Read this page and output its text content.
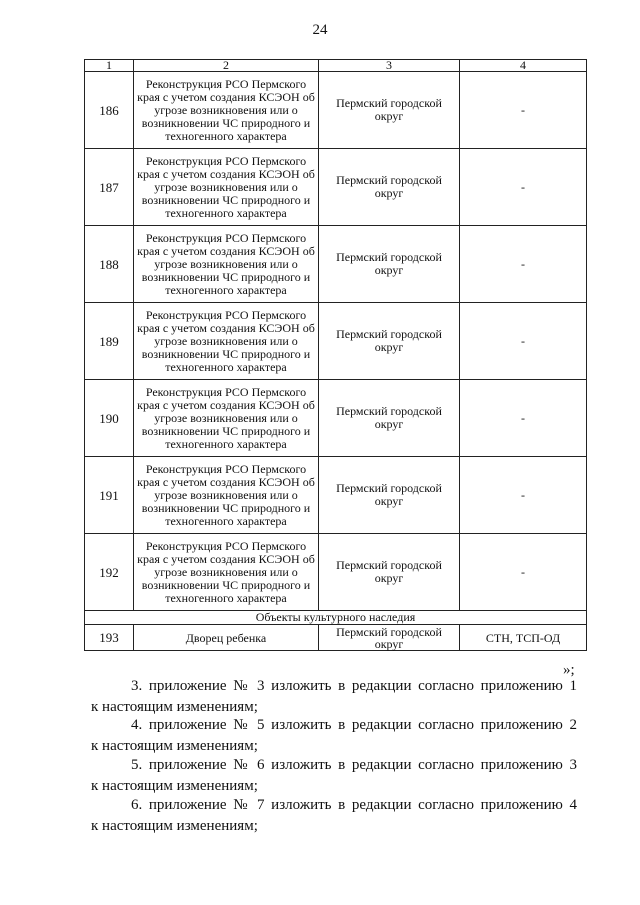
24
1	2	3	4
186	Реконструкция РСО Пермского края с учетом создания КСЭОН об угрозе возникновения или о возникновении ЧС природного и техногенного характера	Пермский городской округ	-
187	Реконструкция РСО Пермского края с учетом создания КСЭОН об угрозе возникновения или о возникновении ЧС природного и техногенного характера	Пермский городской округ	-
188	Реконструкция РСО Пермского края с учетом создания КСЭОН об угрозе возникновения или о возникновении ЧС природного и техногенного характера	Пермский городской округ	-
189	Реконструкция РСО Пермского края с учетом создания КСЭОН об угрозе возникновения или о возникновении ЧС природного и техногенного характера	Пермский городской округ	-
190	Реконструкция РСО Пермского края с учетом создания КСЭОН об угрозе возникновения или о возникновении ЧС природного и техногенного характера	Пермский городской округ	-
191	Реконструкция РСО Пермского края с учетом создания КСЭОН об угрозе возникновения или о возникновении ЧС природного и техногенного характера	Пермский городской округ	-
192	Реконструкция РСО Пермского края с учетом создания КСЭОН об угрозе возникновения или о возникновении ЧС природного и техногенного характера	Пермский городской округ	-
Объекты культурного наследия			
193	Дворец ребенка	Пермский городской округ	СТН, ТСП-ОД
»;
3. приложение № 3 изложить в редакции согласно приложению 1
к настоящим изменениям;
4. приложение № 5 изложить в редакции согласно приложению 2
к настоящим изменениям;
5. приложение № 6 изложить в редакции согласно приложению 3
к настоящим изменениям;
6. приложение № 7 изложить в редакции согласно приложению 4
к настоящим изменениям;
